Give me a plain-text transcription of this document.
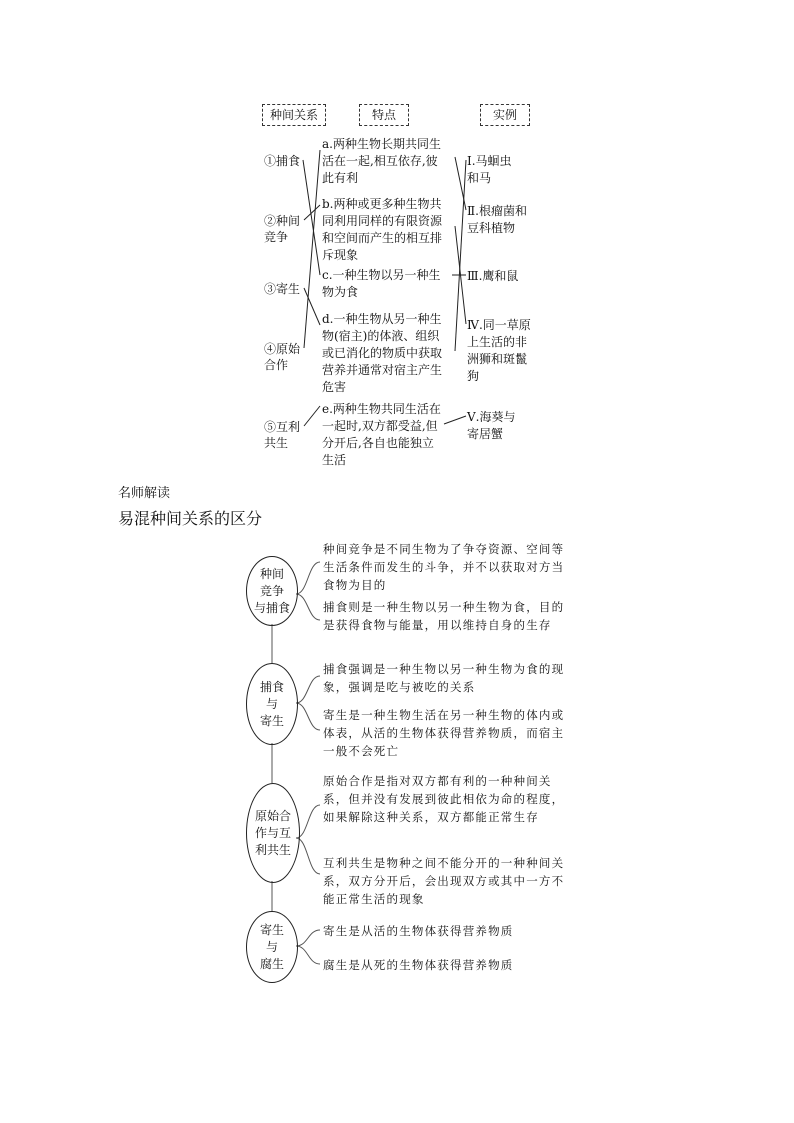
种间关系	特点	实例
①捕食
②种间
竞争
③寄生
④原始
合作
⑤互利
共生
a.两种生物长期共同生
活在一起,相互依存,彼
此有利
b.两种或更多种生物共
同利用同样的有限资源
和空间而产生的相互排
斥现象
c.一种生物以另一种生
物为食
d.一种生物从另一种生
物(宿主)的体液、组织
或已消化的物质中获取
营养并通常对宿主产生
危害
e.两种生物共同生活在
一起时,双方都受益,但
分开后,各自也能独立
生活
Ⅰ.马蛔虫
和马
Ⅱ.根瘤菌和
豆科植物
Ⅲ.鹰和鼠
Ⅳ.同一草原
上生活的非
洲狮和斑鬣
狗
Ⅴ.海葵与
寄居蟹
名师解读
易混种间关系的区分
种间
竞争
与捕食
捕食
与
寄生
原始合
作与互
利共生
寄生
与
腐生
种间竞争是不同生物为了争夺资源、空间等生活条件而发生的斗争，并不以获取对方当食物为目的
捕食则是一种生物以另一种生物为食，目的是获得食物与能量，用以维持自身的生存
捕食强调是一种生物以另一种生物为食的现象，强调是吃与被吃的关系
寄生是一种生物生活在另一种生物的体内或体表，从活的生物体获得营养物质，而宿主一般不会死亡
原始合作是指对双方都有利的一种种间关系，但并没有发展到彼此相依为命的程度，如果解除这种关系，双方都能正常生存
互利共生是物种之间不能分开的一种种间关系，双方分开后，会出现双方或其中一方不能正常生活的现象
寄生是从活的生物体获得营养物质
腐生是从死的生物体获得营养物质
